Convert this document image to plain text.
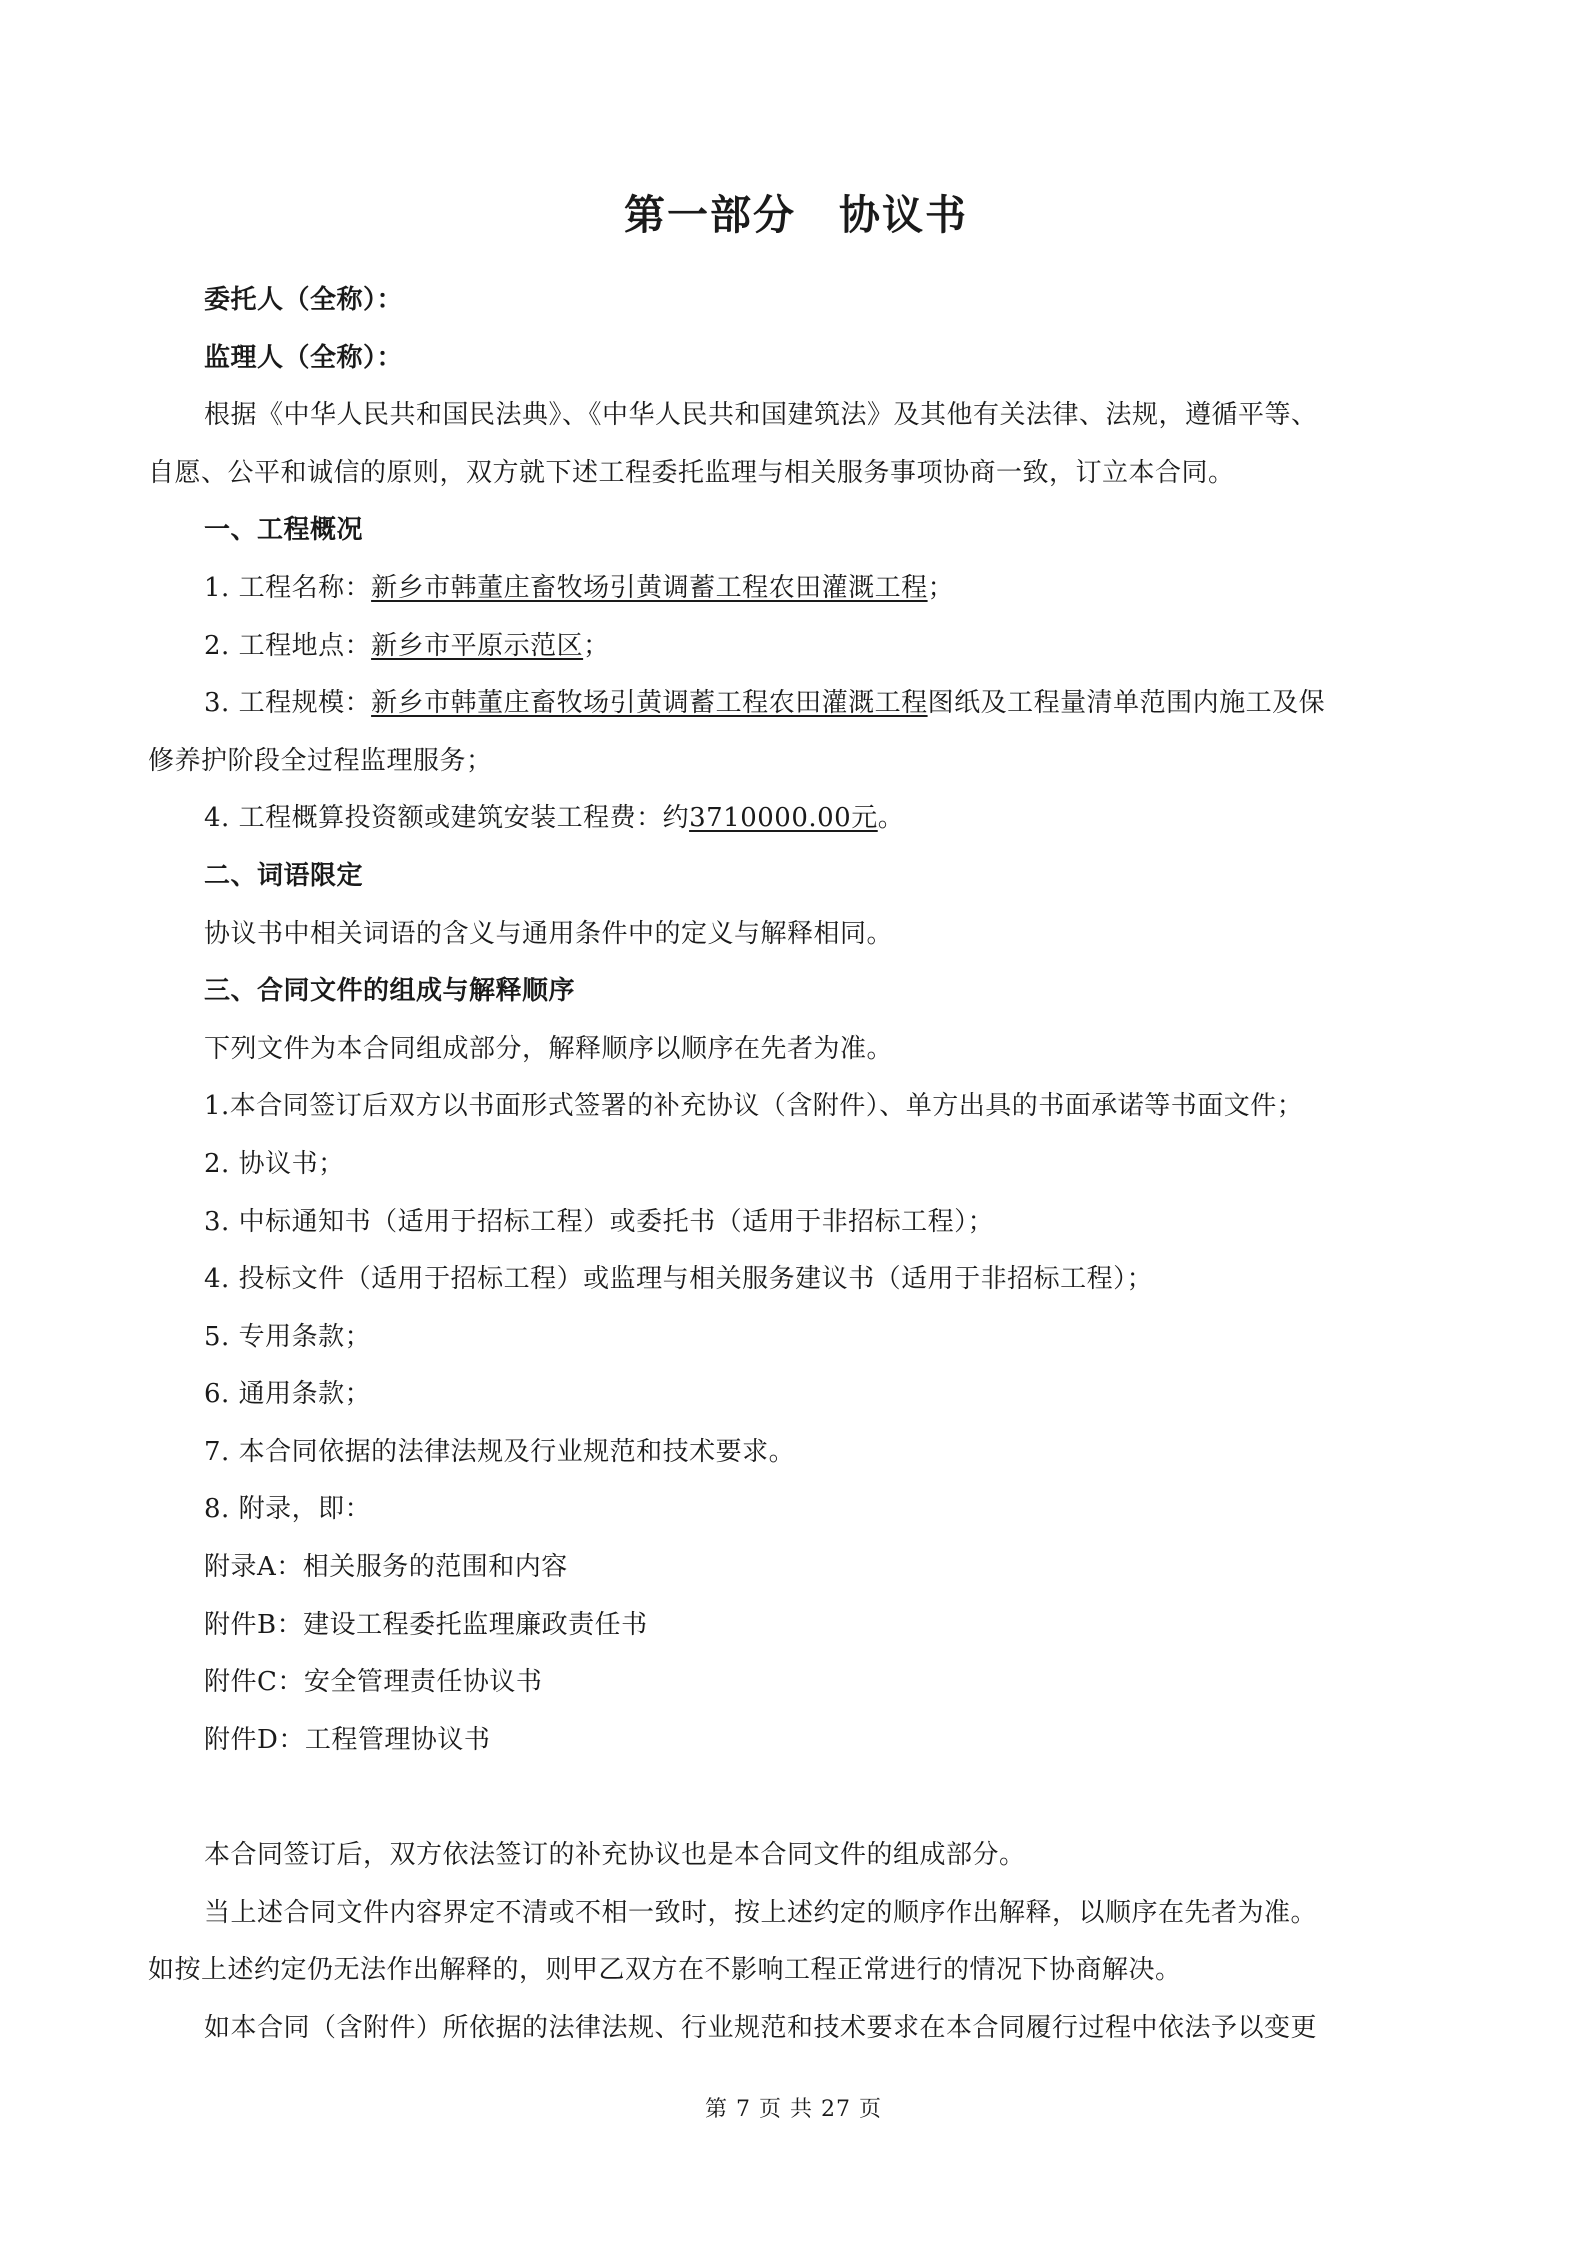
第一部分　协议书

委托人（全称）：

监理人（全称）：

根据《中华人民共和国民法典》、《中华人民共和国建筑法》及其他有关法律、法规，遵循平等、

自愿、公平和诚信的原则，双方就下述工程委托监理与相关服务事项协商一致，订立本合同。

一、工程概况

1. 工程名称：新乡市韩董庄畜牧场引黄调蓄工程农田灌溉工程；

2. 工程地点：新乡市平原示范区；

3. 工程规模：新乡市韩董庄畜牧场引黄调蓄工程农田灌溉工程图纸及工程量清单范围内施工及保

修养护阶段全过程监理服务；

4. 工程概算投资额或建筑安装工程费：约3710000.00元。

二、词语限定

协议书中相关词语的含义与通用条件中的定义与解释相同。

三、合同文件的组成与解释顺序

下列文件为本合同组成部分，解释顺序以顺序在先者为准。

1.本合同签订后双方以书面形式签署的补充协议（含附件）、单方出具的书面承诺等书面文件；

2. 协议书；

3. 中标通知书（适用于招标工程）或委托书（适用于非招标工程）；

4. 投标文件（适用于招标工程）或监理与相关服务建议书（适用于非招标工程）；

5. 专用条款；

6. 通用条款；

7. 本合同依据的法律法规及行业规范和技术要求。

8. 附录，即：

附录A：相关服务的范围和内容

附件B：建设工程委托监理廉政责任书

附件C：安全管理责任协议书

附件D：工程管理协议书

本合同签订后，双方依法签订的补充协议也是本合同文件的组成部分。

当上述合同文件内容界定不清或不相一致时，按上述约定的顺序作出解释，以顺序在先者为准。

如按上述约定仍无法作出解释的，则甲乙双方在不影响工程正常进行的情况下协商解决。

如本合同（含附件）所依据的法律法规、行业规范和技术要求在本合同履行过程中依法予以变更

第 7 页 共 27 页
